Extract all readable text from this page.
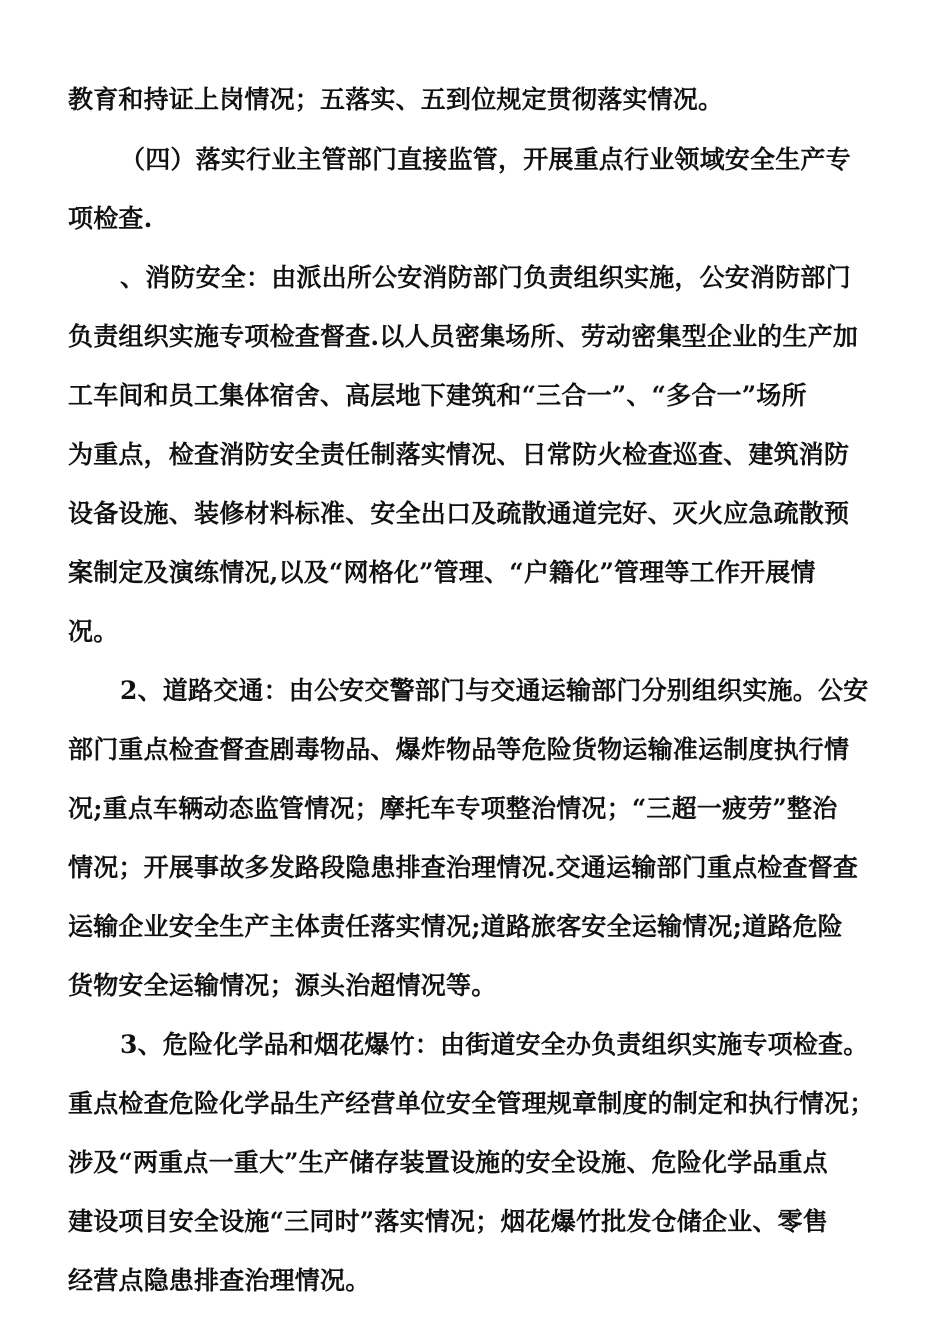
教育和持证上岗情况；五落实、五到位规定贯彻落实情况。
（四）落实行业主管部门直接监管，开展重点行业领域安全生产专
项检查.
、消防安全：由派出所公安消防部门负责组织实施，公安消防部门
负责组织实施专项检查督查.以人员密集场所、劳动密集型企业的生产加
工车间和员工集体宿舍、高层地下建筑和“三合一”、“多合一”场所
为重点，检查消防安全责任制落实情况、日常防火检查巡查、建筑消防
设备设施、装修材料标准、安全出口及疏散通道完好、灭火应急疏散预
案制定及演练情况,以及“网格化”管理、“户籍化”管理等工作开展情
况。
2、道路交通：由公安交警部门与交通运输部门分别组织实施。公安
部门重点检查督查剧毒物品、爆炸物品等危险货物运输准运制度执行情
况;重点车辆动态监管情况；摩托车专项整治情况；“三超一疲劳”整治
情况；开展事故多发路段隐患排查治理情况.交通运输部门重点检查督查
运输企业安全生产主体责任落实情况;道路旅客安全运输情况;道路危险
货物安全运输情况；源头治超情况等。
3、危险化学品和烟花爆竹：由街道安全办负责组织实施专项检查。
重点检查危险化学品生产经营单位安全管理规章制度的制定和执行情况；
涉及“两重点一重大”生产储存装置设施的安全设施、危险化学品重点
建设项目安全设施“三同时”落实情况；烟花爆竹批发仓储企业、零售
经营点隐患排查治理情况。
